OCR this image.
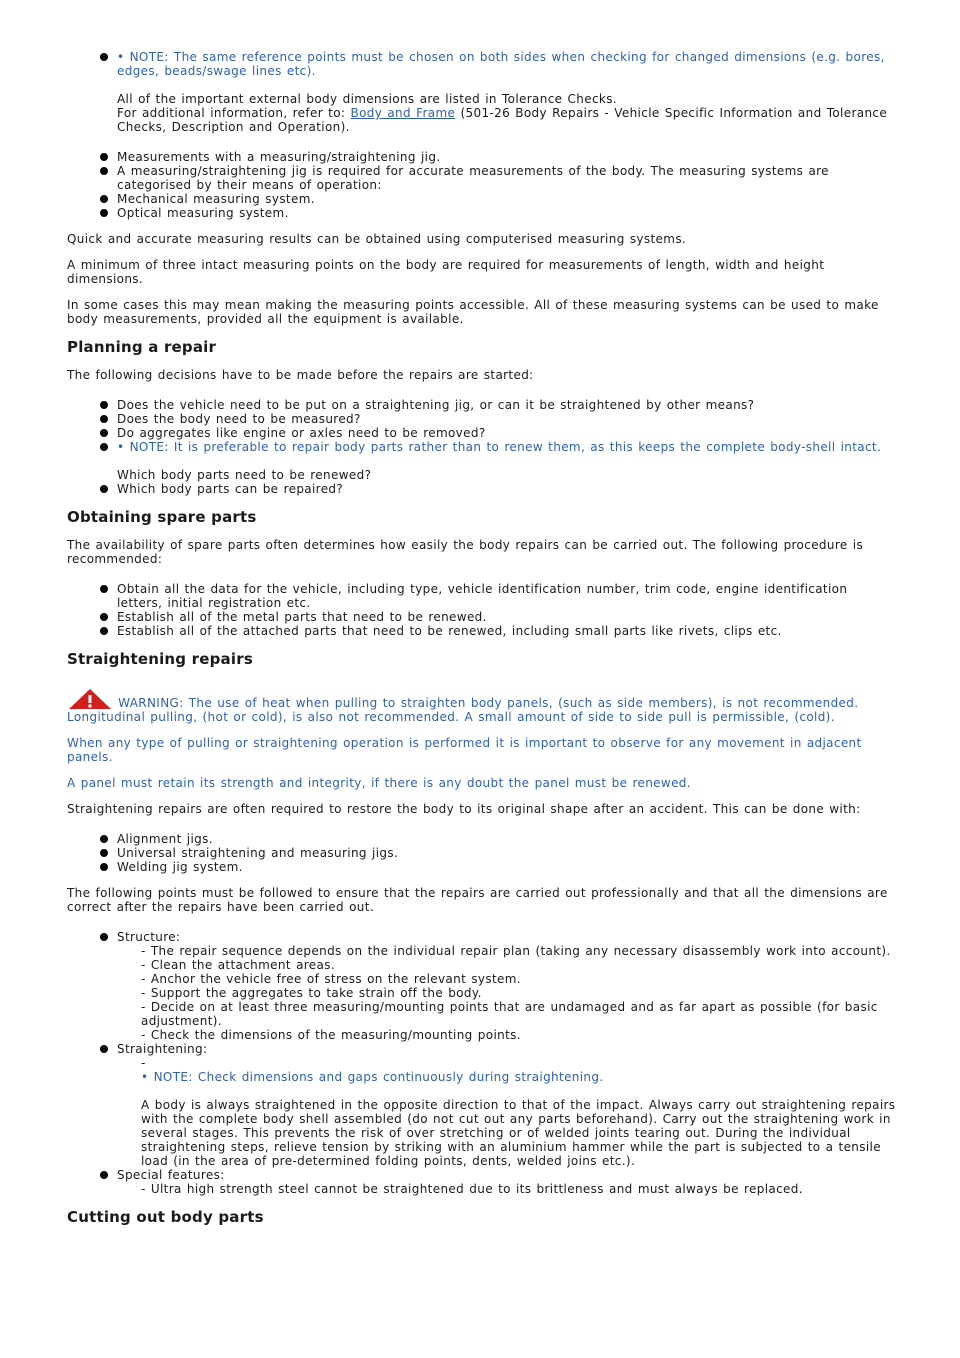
• NOTE: The same reference points must be chosen on both sides when checking for changed dimensions (e.g. bores, edges, beads/swage lines etc).
All of the important external body dimensions are listed in Tolerance Checks.
For additional information, refer to: Body and Frame (501-26 Body Repairs - Vehicle Specific Information and Tolerance Checks, Description and Operation).
Measurements with a measuring/straightening jig.
A measuring/straightening jig is required for accurate measurements of the body. The measuring systems are categorised by their means of operation:
Mechanical measuring system.
Optical measuring system.

Quick and accurate measuring results can be obtained using computerised measuring systems.

A minimum of three intact measuring points on the body are required for measurements of length, width and height dimensions.

In some cases this may mean making the measuring points accessible. All of these measuring systems can be used to make body measurements, provided all the equipment is available.

Planning a repair

The following decisions have to be made before the repairs are started:

Does the vehicle need to be put on a straightening jig, or can it be straightened by other means?
Does the body need to be measured?
Do aggregates like engine or axles need to be removed?
• NOTE: It is preferable to repair body parts rather than to renew them, as this keeps the complete body-shell intact.
Which body parts need to be renewed?
Which body parts can be repaired?
Obtaining spare parts

The availability of spare parts often determines how easily the body repairs can be carried out. The following procedure is recommended:

Obtain all the data for the vehicle, including type, vehicle identification number, trim code, engine identification letters, initial registration etc.
Establish all of the metal parts that need to be renewed.
Establish all of the attached parts that need to be renewed, including small parts like rivets, clips etc.
Straightening repairs

WARNING: The use of heat when pulling to straighten body panels, (such as side members), is not recommended. Longitudinal pulling, (hot or cold), is also not recommended. A small amount of side to side pull is permissible, (cold).

When any type of pulling or straightening operation is performed it is important to observe for any movement in adjacent panels.

A panel must retain its strength and integrity, if there is any doubt the panel must be renewed.

Straightening repairs are often required to restore the body to its original shape after an accident. This can be done with:

Alignment jigs.
Universal straightening and measuring jigs.
Welding jig system.

The following points must be followed to ensure that the repairs are carried out professionally and that all the dimensions are correct after the repairs have been carried out.

Structure:
- The repair sequence depends on the individual repair plan (taking any necessary disassembly work into account).
- Clean the attachment areas.
- Anchor the vehicle free of stress on the relevant system.
- Support the aggregates to take strain off the body.
- Decide on at least three measuring/mounting points that are undamaged and as far apart as possible (for basic adjustment).
- Check the dimensions of the measuring/mounting points.
Straightening:
-
• NOTE: Check dimensions and gaps continuously during straightening.
A body is always straightened in the opposite direction to that of the impact. Always carry out straightening repairs with the complete body shell assembled (do not cut out any parts beforehand). Carry out the straightening work in several stages. This prevents the risk of over stretching or of welded joints tearing out. During the individual straightening steps, relieve tension by striking with an aluminium hammer while the part is subjected to a tensile load (in the area of pre-determined folding points, dents, welded joins etc.).
Special features:
- Ultra high strength steel cannot be straightened due to its brittleness and must always be replaced.
Cutting out body parts
